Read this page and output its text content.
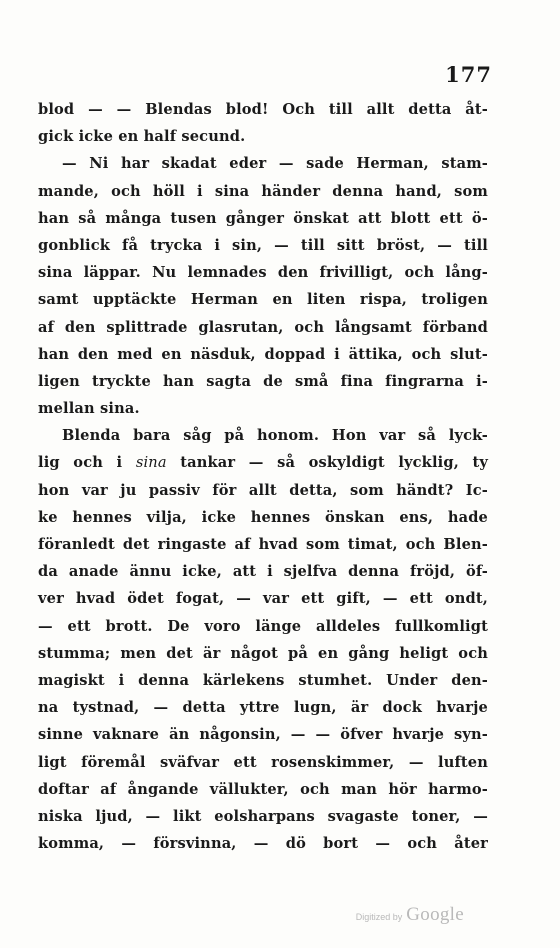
177
blod — — Blendas blod! Och till allt detta åt-
gick icke en half secund.
— Ni har skadat eder — sade Herman, stam-
mande, och höll i sina händer denna hand, som
han så många tusen gånger önskat att blott ett ö-
gonblick få trycka i sin, — till sitt bröst, — till
sina läppar. Nu lemnades den frivilligt, och lång-
samt upptäckte Herman en liten rispa, troligen
af den splittrade glasrutan, och långsamt förband
han den med en näsduk, doppad i ättika, och slut-
ligen tryckte han sagta de små fina fingrarna i-
mellan sina.
Blenda bara såg på honom. Hon var så lyck-
lig och i sina tankar — så oskyldigt lycklig, ty
hon var ju passiv för allt detta, som händt? Ic-
ke hennes vilja, icke hennes önskan ens, hade
föranledt det ringaste af hvad som timat, och Blen-
da anade ännu icke, att i sjelfva denna fröjd, öf-
ver hvad ödet fogat, — var ett gift, — ett ondt,
— ett brott. De voro länge alldeles fullkomligt
stumma; men det är något på en gång heligt och
magiskt i denna kärlekens stumhet. Under den-
na tystnad, — detta yttre lugn, är dock hvarje
sinne vaknare än någonsin, — — öfver hvarje syn-
ligt föremål sväfvar ett rosenskimmer, — luften
doftar af ångande vällukter, och man hör harmo-
niska ljud, — likt eolsharpans svagaste toner, —
komma, — försvinna, — dö bort — och åter
Digitized by Google
